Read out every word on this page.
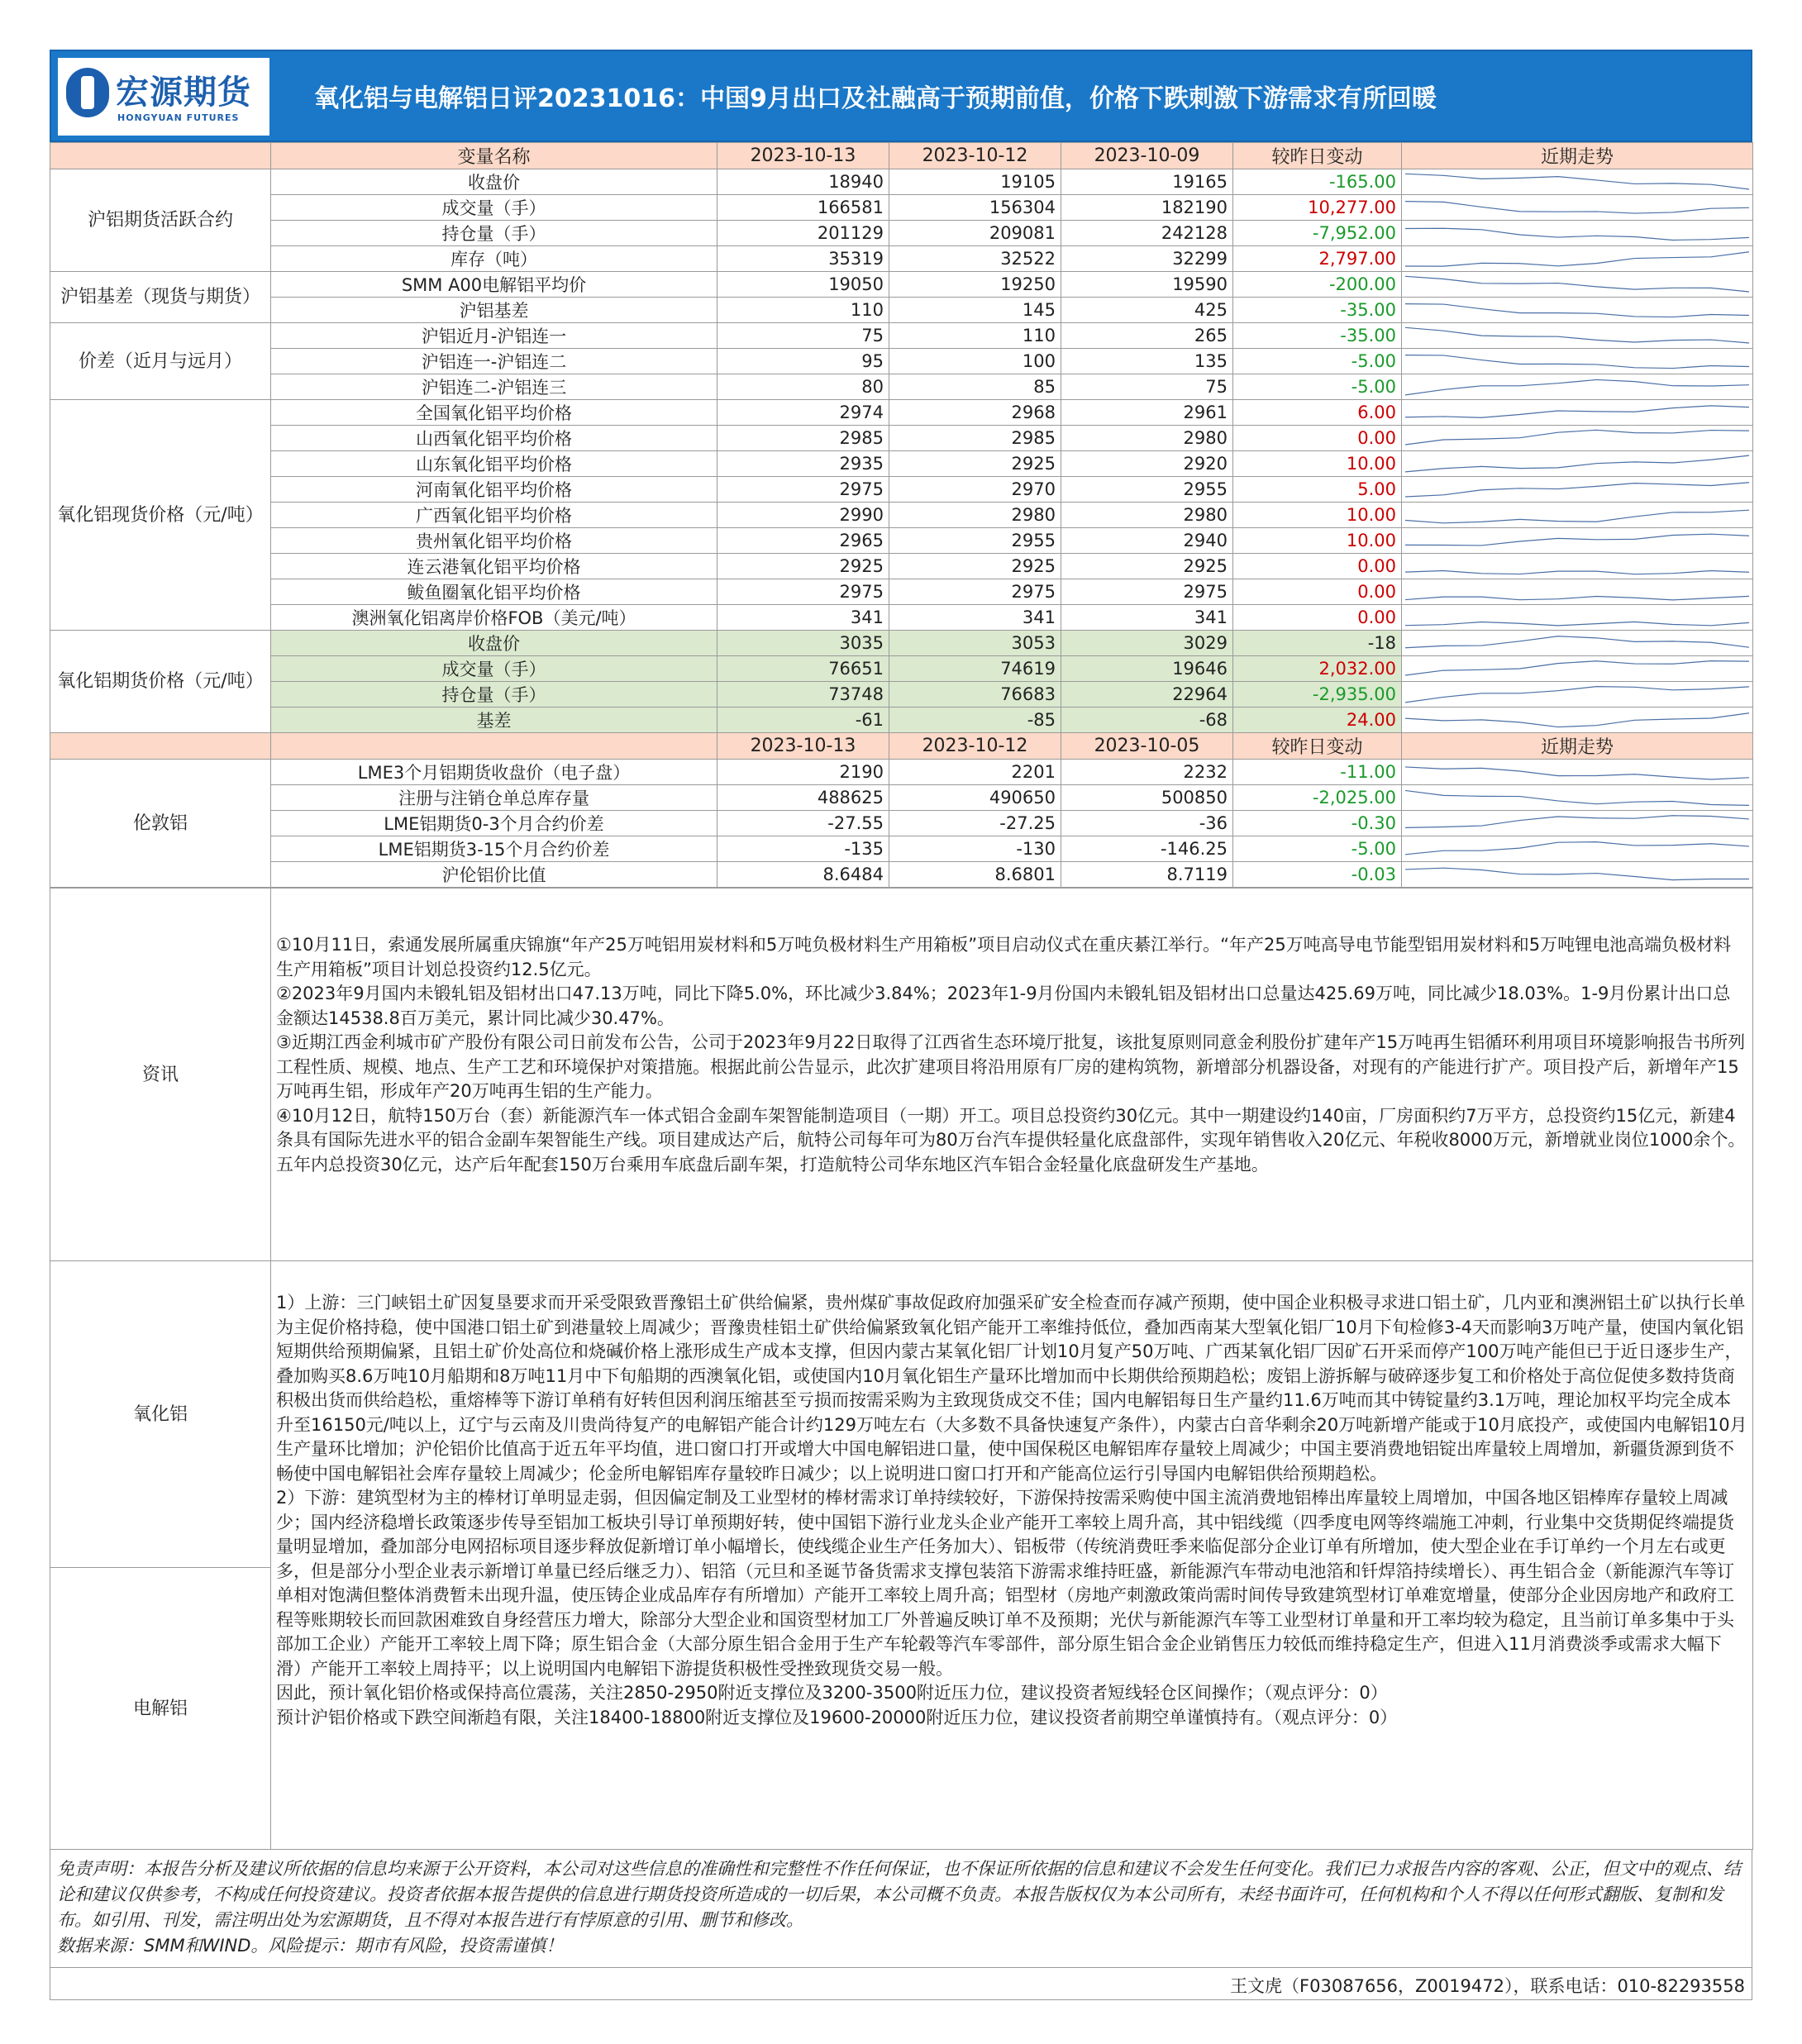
宏源期货
HONGYUAN FUTURES
氧化铝与电解铝日评20231016：中国9月出口及社融高于预期前值，价格下跌刺激下游需求有所回暖
	变量名称	2023-10-13	2023-10-12	2023-10-09	较昨日变动	近期走势
沪铝期货活跃合约	收盘价	18940	19105	19165	-165.00	

	成交量（手）	166581	156304	182190	10,277.00	

	持仓量（手）	201129	209081	242128	-7,952.00	

	库存（吨）	35319	32522	32299	2,797.00	

沪铝基差（现货与期货）	SMM A00电解铝平均价	19050	19250	19590	-200.00	

	沪铝基差	110	145	425	-35.00	

价差（近月与远月）	沪铝近月-沪铝连一	75	110	265	-35.00	

	沪铝连一-沪铝连二	95	100	135	-5.00	

	沪铝连二-沪铝连三	80	85	75	-5.00	

氧化铝现货价格（元/吨）	全国氧化铝平均价格	2974	2968	2961	6.00	

	山西氧化铝平均价格	2985	2985	2980	0.00	

	山东氧化铝平均价格	2935	2925	2920	10.00	

	河南氧化铝平均价格	2975	2970	2955	5.00	

	广西氧化铝平均价格	2990	2980	2980	10.00	

	贵州氧化铝平均价格	2965	2955	2940	10.00	

	连云港氧化铝平均价格	2925	2925	2925	0.00	

	鲅鱼圈氧化铝平均价格	2975	2975	2975	0.00	

	澳洲氧化铝离岸价格FOB（美元/吨）	341	341	341	0.00	

氧化铝期货价格（元/吨）	收盘价	3035	3053	3029	-18	

	成交量（手）	76651	74619	19646	2,032.00	

	持仓量（手）	73748	76683	22964	-2,935.00	

	基差	-61	-85	-68	24.00	

		2023-10-13	2023-10-12	2023-10-05	较昨日变动	近期走势
伦敦铝	LME3个月铝期货收盘价（电子盘）	2190	2201	2232	-11.00	

	注册与注销仓单总库存量	488625	490650	500850	-2,025.00	

	LME铝期货0-3个月合约价差	-27.55	-27.25	-36	-0.30	

	LME铝期货3-15个月合约价差	-135	-130	-146.25	-5.00	

	沪伦铝价比值	8.6484	8.6801	8.7119	-0.03	
资讯	①10月11日，索通发展所属重庆锦旗“年产25万吨铝用炭材料和5万吨负极材料生产用箱板”项目启动仪式在重庆綦江举行。“年产25万吨高导电节能型铝用炭材料和5万吨锂电池高端负极材料生产用箱板”项目计划总投资约12.5亿元。
②2023年9月国内未锻轧铝及铝材出口47.13万吨，同比下降5.0%，环比减少3.84%；2023年1-9月份国内未锻轧铝及铝材出口总量达425.69万吨，同比减少18.03%。1-9月份累计出口总金额达14538.8百万美元，累计同比减少30.47%。
③近期江西金利城市矿产股份有限公司日前发布公告，公司于2023年9月22日取得了江西省生态环境厅批复，该批复原则同意金利股份扩建年产15万吨再生铝循环利用项目环境影响报告书所列工程性质、规模、地点、生产工艺和环境保护对策措施。根据此前公告显示，此次扩建项目将沿用原有厂房的建构筑物，新增部分机器设备，对现有的产能进行扩产。项目投产后，新增年产15万吨再生铝，形成年产20万吨再生铝的生产能力。
④10月12日，航特150万台（套）新能源汽车一体式铝合金副车架智能制造项目（一期）开工。项目总投资约30亿元。其中一期建设约140亩，厂房面积约7万平方，总投资约15亿元，新建4条具有国际先进水平的铝合金副车架智能生产线。项目建成达产后，航特公司每年可为80万台汽车提供轻量化底盘部件，实现年销售收入20亿元、年税收8000万元，新增就业岗位1000余个。五年内总投资30亿元，达产后年配套150万台乘用车底盘后副车架，打造航特公司华东地区汽车铝合金轻量化底盘研发生产基地。

氧化铝	1）上游：三门峡铝土矿因复垦要求而开采受限致晋豫铝土矿供给偏紧，贵州煤矿事故促政府加强采矿安全检查而存减产预期，使中国企业积极寻求进口铝土矿，几内亚和澳洲铝土矿以执行长单为主促价格持稳，使中国港口铝土矿到港量较上周减少；晋豫贵桂铝土矿供给偏紧致氧化铝产能开工率维持低位，叠加西南某大型氧化铝厂10月下旬检修3-4天而影响3万吨产量，使国内氧化铝短期供给预期偏紧，且铝土矿价处高位和烧碱价格上涨形成生产成本支撑，但因内蒙古某氧化铝厂计划10月复产50万吨、广西某氧化铝厂因矿石开采而停产100万吨产能但已于近日逐步生产，叠加购买8.6万吨10月船期和8万吨11月中下旬船期的西澳氧化铝，或使国内10月氧化铝生产量环比增加而中长期供给预期趋松；废铝上游拆解与破碎逐步复工和价格处于高位促使多数持货商积极出货而供给趋松，重熔棒等下游订单稍有好转但因利润压缩甚至亏损而按需采购为主致现货成交不佳；国内电解铝每日生产量约11.6万吨而其中铸锭量约3.1万吨，理论加权平均完全成本升至16150元/吨以上，辽宁与云南及川贵尚待复产的电解铝产能合计约129万吨左右（大多数不具备快速复产条件），内蒙古白音华剩余20万吨新增产能或于10月底投产，或使国内电解铝10月生产量环比增加；沪伦铝价比值高于近五年平均值，进口窗口打开或增大中国电解铝进口量，使中国保税区电解铝库存量较上周减少；中国主要消费地铝锭出库量较上周增加，新疆货源到货不畅使中国电解铝社会库存量较上周减少；伦金所电解铝库存量较昨日减少；以上说明进口窗口打开和产能高位运行引导国内电解铝供给预期趋松。
2）下游：建筑型材为主的棒材订单明显走弱，但因偏定制及工业型材的棒材需求订单持续较好，下游保持按需采购使中国主流消费地铝棒出库量较上周增加，中国各地区铝棒库存量较上周减少；国内经济稳增长政策逐步传导至铝加工板块引导订单预期好转，使中国铝下游行业龙头企业产能开工率较上周升高，其中铝线缆（四季度电网等终端施工冲刺，行业集中交货期促终端提货量明显增加，叠加部分电网招标项目逐步释放促新增订单小幅增长，使线缆企业生产任务加大）、铝板带（传统消费旺季来临促部分企业订单有所增加，使大型企业在手订单约一个月左右或更多，但是部分小型企业表示新增订单量已经后继乏力）、铝箔（元旦和圣诞节备货需求支撑包装箔下游需求维持旺盛，新能源汽车带动电池箔和钎焊箔持续增长）、再生铝合金（新能源汽车等订单相对饱满但整体消费暂未出现升温，使压铸企业成品库存有所增加）产能开工率较上周升高；铝型材（房地产刺激政策尚需时间传导致建筑型材订单难宽增量，使部分企业因房地产和政府工程等账期较长而回款困难致自身经营压力增大，除部分大型企业和国资型材加工厂外普遍反映订单不及预期；光伏与新能源汽车等工业型材订单量和开工率均较为稳定，且当前订单多集中于头部加工企业）产能开工率较上周下降；原生铝合金（大部分原生铝合金用于生产车轮毂等汽车零部件，部分原生铝合金企业销售压力较低而维持稳定生产，但进入11月消费淡季或需求大幅下滑）产能开工率较上周持平；以上说明国内电解铝下游提货积极性受挫致现货交易一般。
因此，预计氧化铝价格或保持高位震荡，关注2850-2950附近支撑位及3200-3500附近压力位，建议投资者短线轻仓区间操作；（观点评分：0）
预计沪铝价格或下跌空间渐趋有限，关注18400-18800附近支撑位及19600-20000附近压力位，建议投资者前期空单谨慎持有。（观点评分：0）

电解铝	
免责声明：本报告分析及建议所依据的信息均来源于公开资料，本公司对这些信息的准确性和完整性不作任何保证，也不保证所依据的信息和建议不会发生任何变化。我们已力求报告内容的客观、公正，但文中的观点、结论和建议仅供参考，不构成任何投资建议。投资者依据本报告提供的信息进行期货投资所造成的一切后果，本公司概不负责。本报告版权仅为本公司所有，未经书面许可，任何机构和个人不得以任何形式翻版、复制和发布。如引用、刊发，需注明出处为宏源期货，且不得对本报告进行有悖原意的引用、删节和修改。
数据来源：SMM和WIND。风险提示：期市有风险，投资需谨慎！
王文虎（F03087656，Z0019472），联系电话：010-82293558
